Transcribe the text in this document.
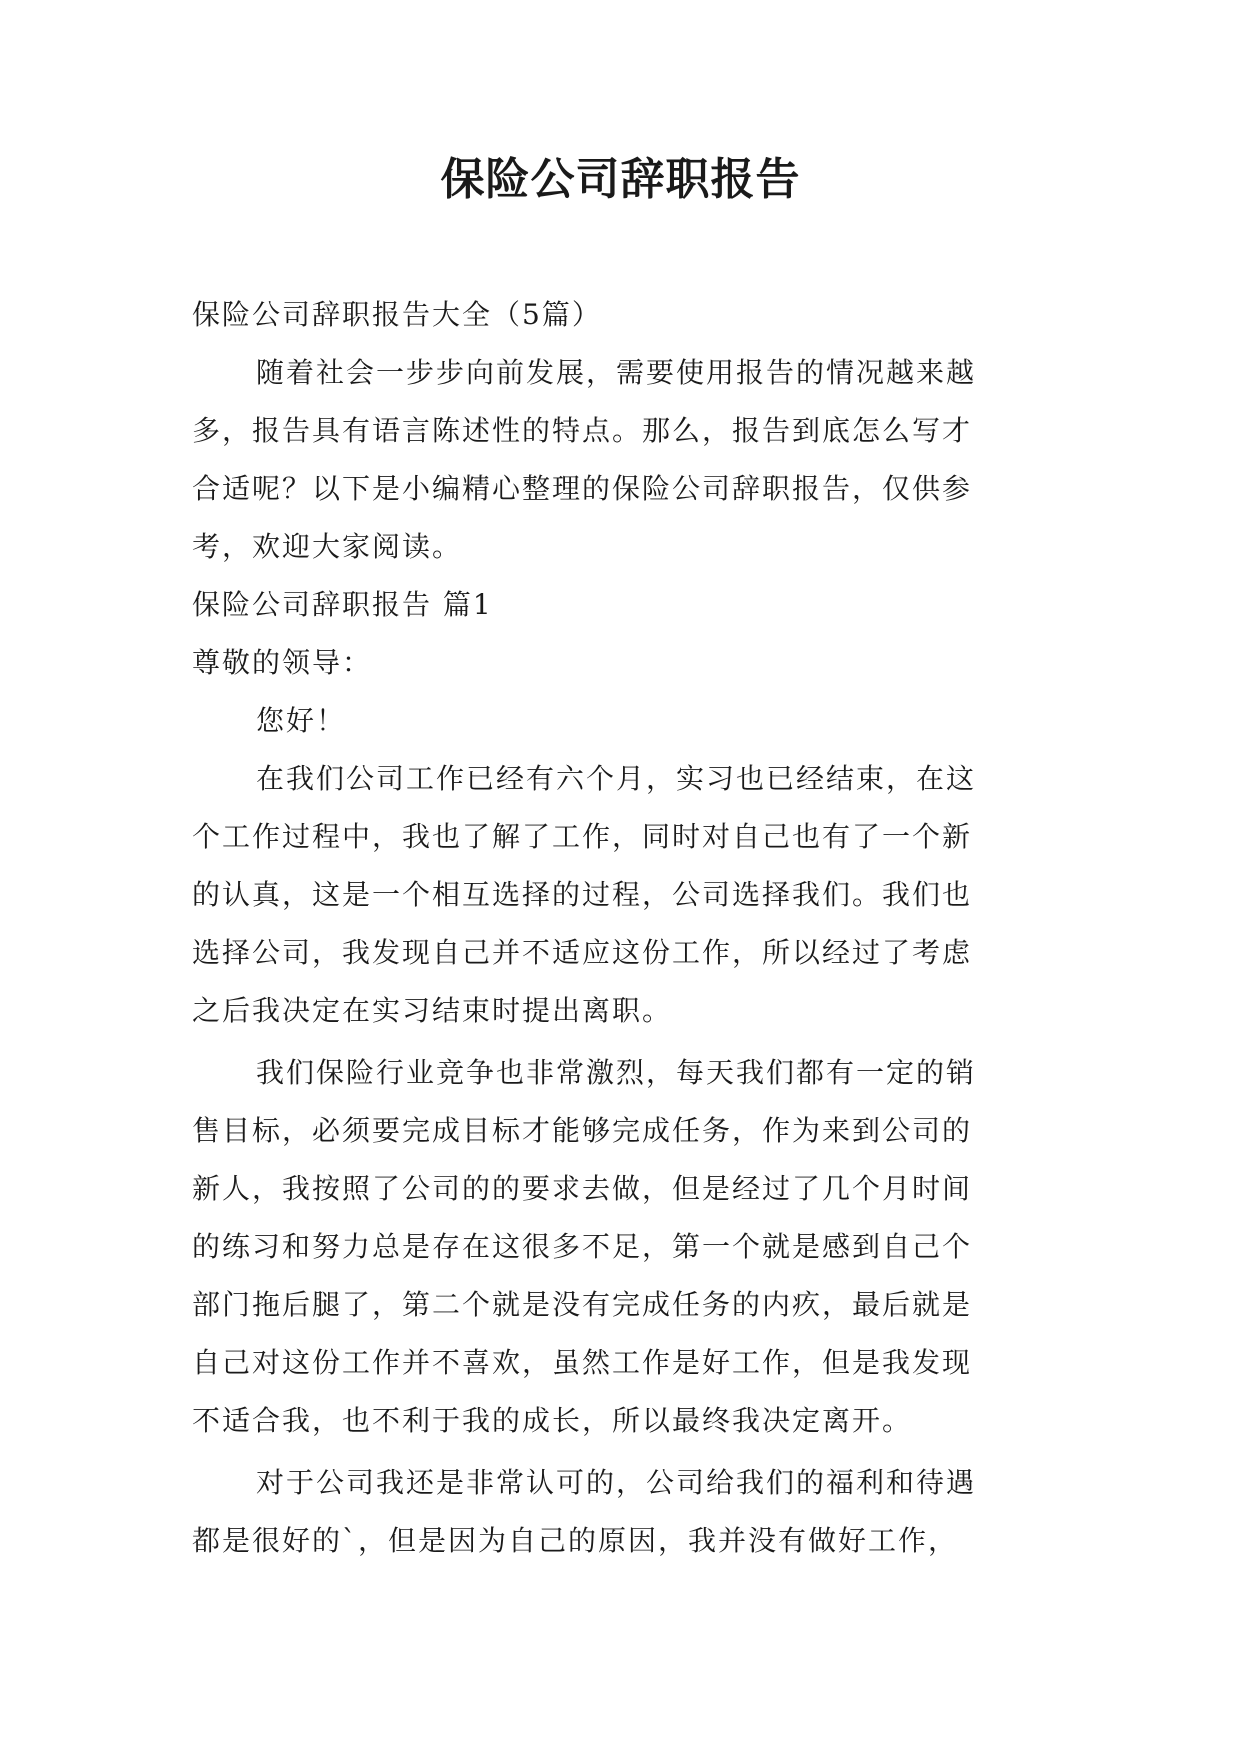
保险公司辞职报告
保险公司辞职报告大全（5篇）
随着社会一步步向前发展，需要使用报告的情况越来越
多，报告具有语言陈述性的特点。那么，报告到底怎么写才
合适呢？以下是小编精心整理的保险公司辞职报告，仅供参
考，欢迎大家阅读。
保险公司辞职报告 篇1
尊敬的领导：
您好！
在我们公司工作已经有六个月，实习也已经结束，在这
个工作过程中，我也了解了工作，同时对自己也有了一个新
的认真，这是一个相互选择的过程，公司选择我们。我们也
选择公司，我发现自己并不适应这份工作，所以经过了考虑
之后我决定在实习结束时提出离职。
我们保险行业竞争也非常激烈，每天我们都有一定的销
售目标，必须要完成目标才能够完成任务，作为来到公司的
新人，我按照了公司的的要求去做，但是经过了几个月时间
的练习和努力总是存在这很多不足，第一个就是感到自己个
部门拖后腿了，第二个就是没有完成任务的内疚，最后就是
自己对这份工作并不喜欢，虽然工作是好工作，但是我发现
不适合我，也不利于我的成长，所以最终我决定离开。
对于公司我还是非常认可的，公司给我们的福利和待遇
都是很好的`，但是因为自己的原因，我并没有做好工作，
